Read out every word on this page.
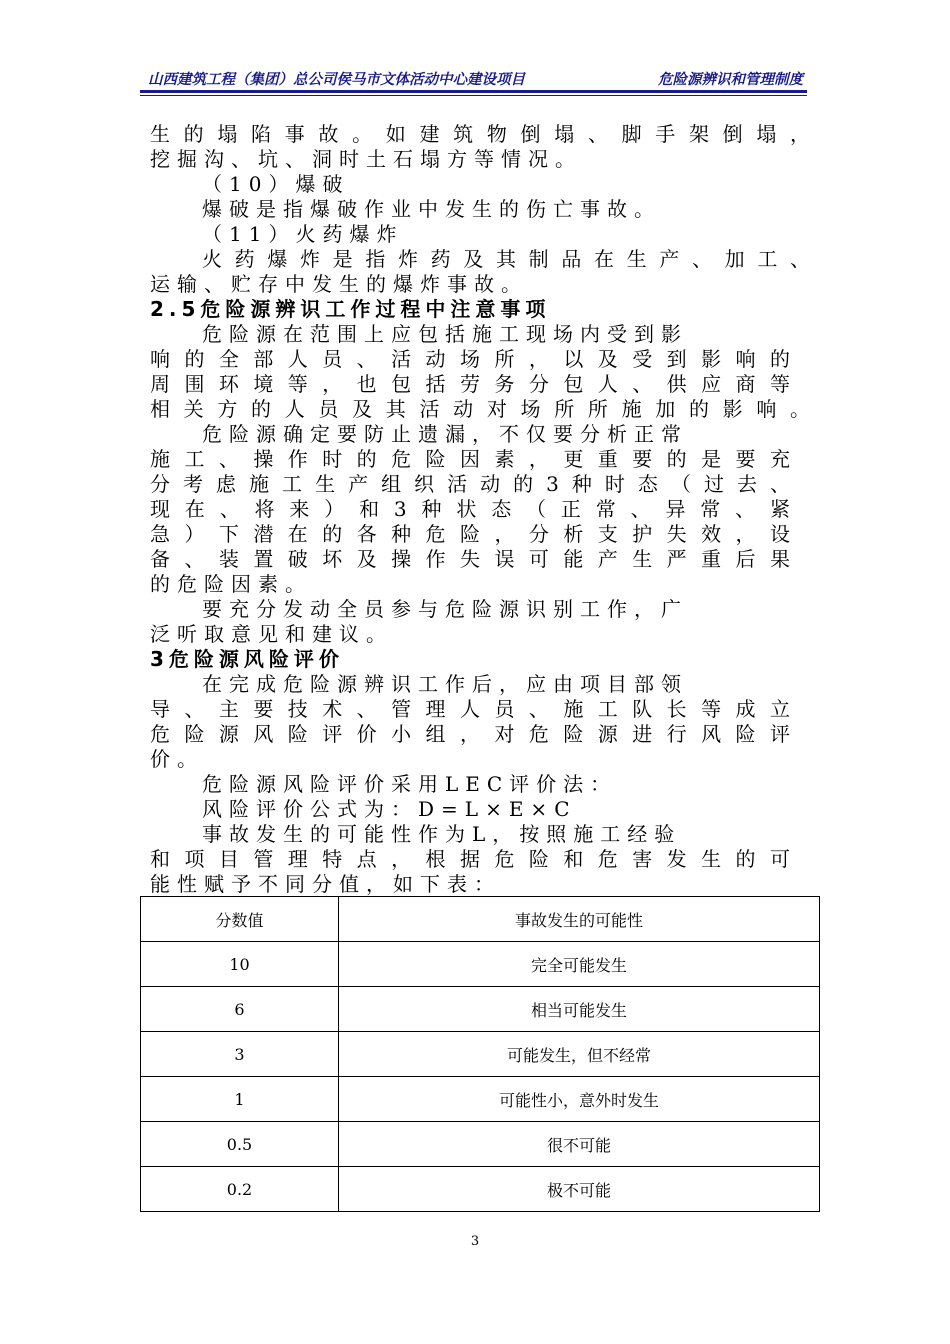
山西建筑工程（集团）总公司侯马市文体活动中心建设项目	危险源辨识和管理制度
生的塌陷事故。如建筑物倒塌、脚手架倒塌，
挖掘沟、坑、洞时土石塌方等情况。
（10）爆破
爆破是指爆破作业中发生的伤亡事故。
（11）火药爆炸
火药爆炸是指炸药及其制品在生产、加工、
运输、贮存中发生的爆炸事故。
2.5危险源辨识工作过程中注意事项
危险源在范围上应包括施工现场内受到影
响的全部人员、活动场所，以及受到影响的
周围环境等，也包括劳务分包人、供应商等
相关方的人员及其活动对场所所施加的影响。
危险源确定要防止遗漏，不仅要分析正常
施工、操作时的危险因素，更重要的是要充
分考虑施工生产组织活动的3种时态（过去、
现在、将来）和3种状态（正常、异常、紧
急）下潜在的各种危险，分析支护失效，设
备、装置破坏及操作失误可能产生严重后果
的危险因素。
要充分发动全员参与危险源识别工作，广
泛听取意见和建议。
3危险源风险评价
在完成危险源辨识工作后，应由项目部领
导、主要技术、管理人员、施工队长等成立
危险源风险评价小组，对危险源进行风险评
价。
危险源风险评价采用LEC评价法：
风险评价公式为：D=L×E×C
事故发生的可能性作为L，按照施工经验
和项目管理特点，根据危险和危害发生的可
能性赋予不同分值，如下表：
分数值	事故发生的可能性
10	完全可能发生
6	相当可能发生
3	可能发生，但不经常
1	可能性小，意外时发生
0.5	很不可能
0.2	极不可能
3
